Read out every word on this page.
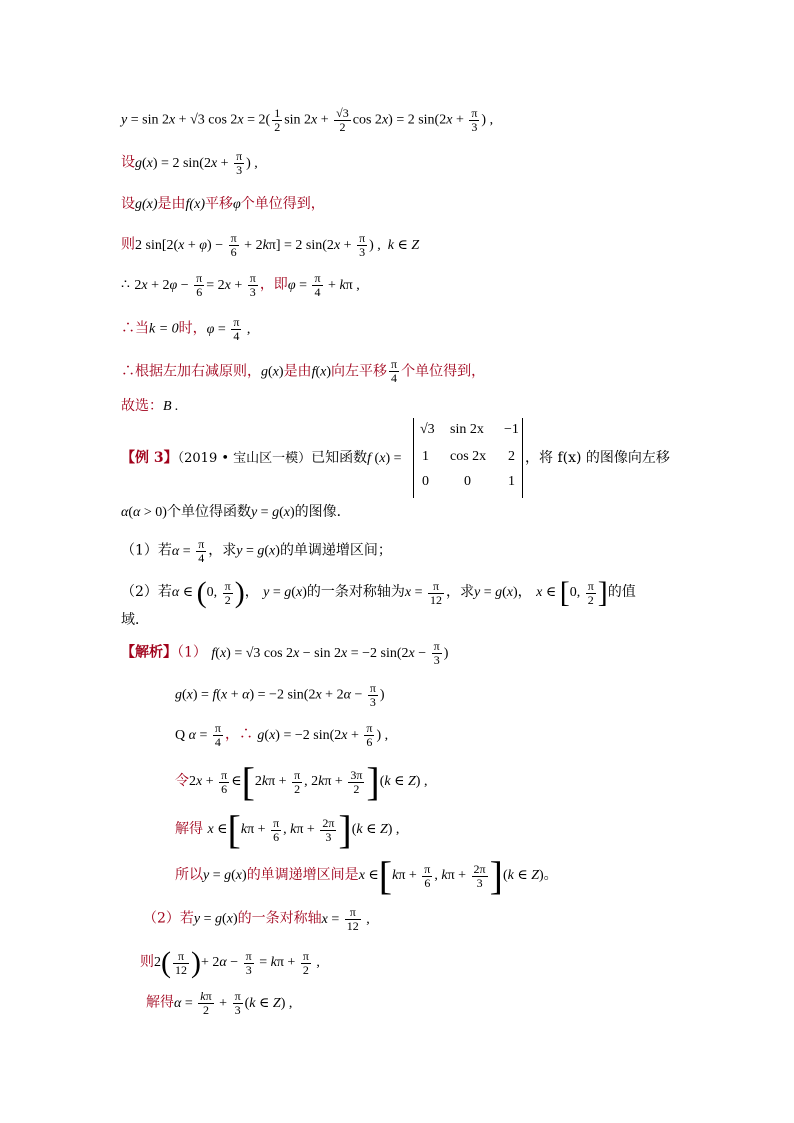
y = sin 2x + √3 $\cos 2x = 2( \frac{1}{2}$ $\sin 2x + \frac{√3}{2}$ cos 2x) = 2 $\sin(2x + \frac{\pi}{3}$ ) ,
设g(x) = 2 $\sin(2x + \frac{\pi}{3}$ ) ,
设g(x)是由f(x)平移φ个单位得到，
则2 $\sin[2(x + \varphi) - \frac{\pi}{6} + 2k\pi] = 2$ $\sin(2x + \frac{\pi}{3}$ ) ,  k ∈ Z
∴ $2x + 2\varphi - \frac{\pi}{6} = 2x + \frac{\pi}{3}$ ，即$\varphi = \frac{\pi}{4} + k\pi$ ,
∴当k = 0时，$\varphi = \frac{\pi}{4}$ ,
∴根据左加右减原则，g(x)是由f(x)向左平移 $\frac{\pi}{4}$ 个单位得到，
故选：B .
【例 3】（2019 • 宝山区一模）已知函数f (x) =
√3 sin 2x −1
1 cos 2x 2
0	0	1
，将 f(x) 的图像向左移
α(α > 0)个单位得函数y = g(x)的图像．
（1）若$\alpha = \frac{\pi}{4}$ ，求y = g(x)的单调递增区间；
（2）若α ∈ (0, $\frac{\pi}{2}$ )， y = g(x)的一条对称轴为$x = \frac{\pi}{12}$ ，求y = g(x)， x ∈ [0, $\frac{\pi}{2}$ ]的值
域．
【解析】（1） f(x) = √3 cos 2x − sin 2x = −2 $\sin(2x - \frac{\pi}{3}$ )
g(x) = f(x + α) = −2 $\sin(2x + 2\alpha - \frac{\pi}{3}$ )
Q $\alpha = \frac{\pi}{4}$ ，∴ g(x) = −2 $\sin(2x + \frac{\pi}{6}$ ) ,
令$2x + \frac{\pi}{6}$ ∈[2kπ + $\frac{\pi}{2}$ , $2k\pi + \frac{3\pi}{2} ](k$ ∈ Z) ,
解得 x ∈[kπ + $\frac{\pi}{6}$ , $k\pi + \frac{2\pi}{3} ](k$ ∈ Z) ,
所以y = g(x)的单调递增区间是x ∈[kπ + $\frac{\pi}{6}$ , $k\pi + \frac{2\pi}{3} ](k$ ∈ Z)。
（2）若y = g(x)的一条对称轴$x = \frac{\pi}{12}$ ,
则$2( \frac{\pi}{12}$ )+ $2\alpha - \frac{\pi}{3} = k\pi + \frac{\pi}{2}$ ,
解得$\alpha = \frac{k\pi}{2} + \frac{\pi}{3} (k$ ∈ Z) ,
